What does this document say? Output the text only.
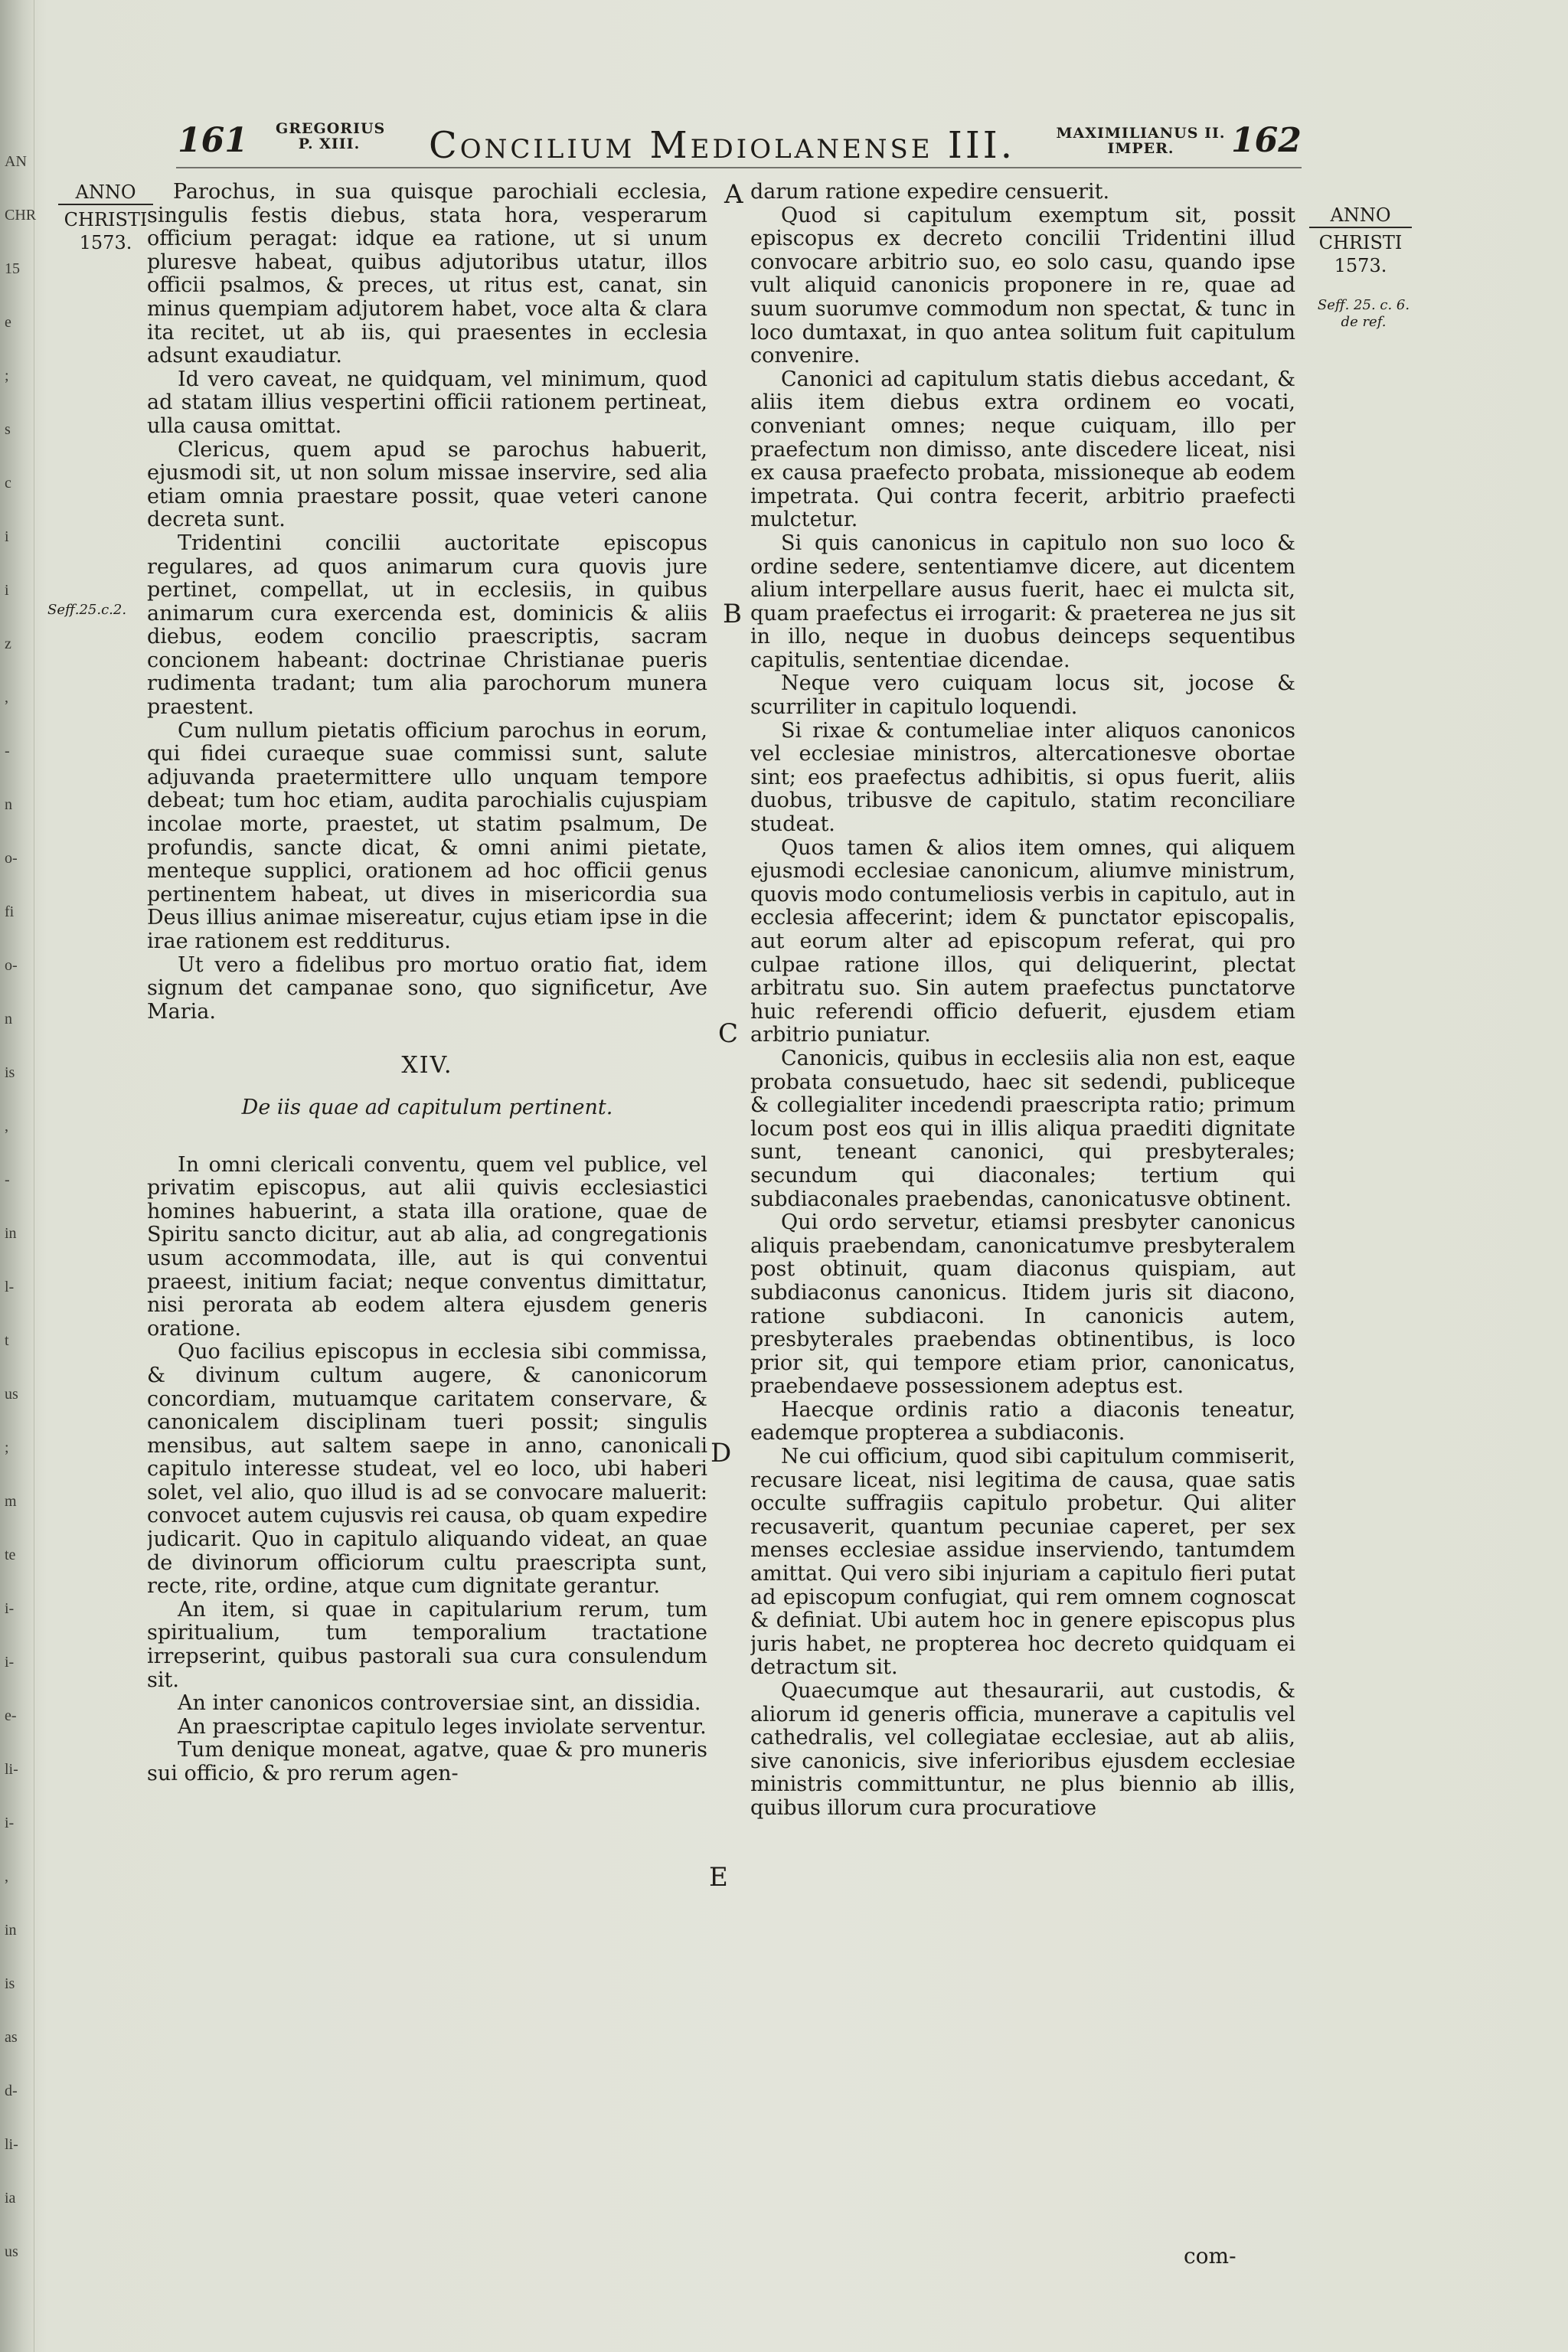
AN
CHR
15
e
;
s
c
i
i
z
,
-
n
o-
fi
o-
n
is
,
-
in
l-
t
us
;
m
te
i-
i-
e-
li-
i-
,
in
is
as
d-
li-
ia
us
161 GREGORIUS
P. XIII.	Concilium Mediolanense III.	MAXIMILIANUS II.
IMPER.	162
ANNO
CHRISTI
1573.
Seff.25.c.2.
ANNO
CHRISTI
1573.
Seff. 25. c. 6.
de ref.
A
B
C
D
E

Parochus, in sua quisque parochiali ecclesia, singulis festis diebus, stata hora, vesperarum officium peragat: idque ea ratione, ut si unum pluresve habeat, quibus adjutoribus utatur, illos officii psalmos, & preces, ut ritus est, canat, sin minus quempiam adjutorem habet, voce alta & clara ita recitet, ut ab iis, qui praesentes in ecclesia adsunt exaudiatur.

Id vero caveat, ne quidquam, vel minimum, quod ad statam illius vespertini officii rationem pertineat, ulla causa omittat.

Clericus, quem apud se parochus habuerit, ejusmodi sit, ut non solum missae inservire, sed alia etiam omnia praestare possit, quae veteri canone decreta sunt.

Tridentini concilii auctoritate episcopus regulares, ad quos animarum cura quovis jure pertinet, compellat, ut in ecclesiis, in quibus animarum cura exercenda est, dominicis & aliis diebus, eodem concilio praescriptis, sacram concionem habeant: doctrinae Christianae pueris rudimenta tradant; tum alia parochorum munera praestent.

Cum nullum pietatis officium parochus in eorum, qui fidei curaeque suae commissi sunt, salute adjuvanda praetermittere ullo unquam tempore debeat; tum hoc etiam, audita parochialis cujuspiam incolae morte, praestet, ut statim psalmum, De profundis, sancte dicat, & omni animi pietate, menteque supplici, orationem ad hoc officii genus pertinentem habeat, ut dives in misericordia sua Deus illius animae misereatur, cujus etiam ipse in die irae rationem est redditurus.

Ut vero a fidelibus pro mortuo oratio fiat, idem signum det campanae sono, quo significetur, Ave Maria.

XIV.
De iis quae ad capitulum pertinent.

In omni clericali conventu, quem vel publice, vel privatim episcopus, aut alii quivis ecclesiastici homines habuerint, a stata illa oratione, quae de Spiritu sancto dicitur, aut ab alia, ad congregationis usum accommodata, ille, aut is qui conventui praeest, initium faciat; neque conventus dimittatur, nisi perorata ab eodem altera ejusdem generis oratione.

Quo facilius episcopus in ecclesia sibi commissa, & divinum cultum augere, & canonicorum concordiam, mutuamque caritatem conservare, & canonicalem disciplinam tueri possit; singulis mensibus, aut saltem saepe in anno, canonicali capitulo interesse studeat, vel eo loco, ubi haberi solet, vel alio, quo illud is ad se convocare maluerit: convocet autem cujusvis rei causa, ob quam expedire judicarit. Quo in capitulo aliquando videat, an quae de divinorum officiorum cultu praescripta sunt, recte, rite, ordine, atque cum dignitate gerantur.

An item, si quae in capitularium rerum, tum spiritualium, tum temporalium tractatione irrepserint, quibus pastorali sua cura consulendum sit.

An inter canonicos controversiae sint, an dissidia.

An praescriptae capitulo leges inviolate serventur.

Tum denique moneat, agatve, quae & pro muneris sui officio, & pro rerum agen-

darum ratione expedire censuerit.

Quod si capitulum exemptum sit, possit episcopus ex decreto concilii Tridentini illud convocare arbitrio suo, eo solo casu, quando ipse vult aliquid canonicis proponere in re, quae ad suum suorumve commodum non spectat, & tunc in loco dumtaxat, in quo antea solitum fuit capitulum convenire.

Canonici ad capitulum statis diebus accedant, & aliis item diebus extra ordinem eo vocati, conveniant omnes; neque cuiquam, illo per praefectum non dimisso, ante discedere liceat, nisi ex causa praefecto probata, missioneque ab eodem impetrata. Qui contra fecerit, arbitrio praefecti mulctetur.

Si quis canonicus in capitulo non suo loco & ordine sedere, sententiamve dicere, aut dicentem alium interpellare ausus fuerit, haec ei mulcta sit, quam praefectus ei irrogarit: & praeterea ne jus sit in illo, neque in duobus deinceps sequentibus capitulis, sententiae dicendae.

Neque vero cuiquam locus sit, jocose & scurriliter in capitulo loquendi.

Si rixae & contumeliae inter aliquos canonicos vel ecclesiae ministros, altercationesve obortae sint; eos praefectus adhibitis, si opus fuerit, aliis duobus, tribusve de capitulo, statim reconciliare studeat.

Quos tamen & alios item omnes, qui aliquem ejusmodi ecclesiae canonicum, aliumve ministrum, quovis modo contumeliosis verbis in capitulo, aut in ecclesia affecerint; idem & punctator episcopalis, aut eorum alter ad episcopum referat, qui pro culpae ratione illos, qui deliquerint, plectat arbitratu suo. Sin autem praefectus punctatorve huic referendi officio defuerit, ejusdem etiam arbitrio puniatur.

Canonicis, quibus in ecclesiis alia non est, eaque probata consuetudo, haec sit sedendi, publiceque & collegialiter incedendi praescripta ratio; primum locum post eos qui in illis aliqua praediti dignitate sunt, teneant canonici, qui presbyterales; secundum qui diaconales; tertium qui subdiaconales praebendas, canonicatusve obtinent.

Qui ordo servetur, etiamsi presbyter canonicus aliquis praebendam, canonicatumve presbyteralem post obtinuit, quam diaconus quispiam, aut subdiaconus canonicus. Itidem juris sit diacono, ratione subdiaconi. In canonicis autem, presbyterales praebendas obtinentibus, is loco prior sit, qui tempore etiam prior, canonicatus, praebendaeve possessionem adeptus est.

Haecque ordinis ratio a diaconis teneatur, eademque propterea a subdiaconis.

Ne cui officium, quod sibi capitulum commiserit, recusare liceat, nisi legitima de causa, quae satis occulte suffragiis capitulo probetur. Qui aliter recusaverit, quantum pecuniae caperet, per sex menses ecclesiae assidue inserviendo, tantumdem amittat. Qui vero sibi injuriam a capitulo fieri putat ad episcopum confugiat, qui rem omnem cognoscat & definiat. Ubi autem hoc in genere episcopus plus juris habet, ne propterea hoc decreto quidquam ei detractum sit.

Quaecumque aut thesaurarii, aut custodis, & aliorum id generis officia, munerave a capitulis vel cathedralis, vel collegiatae ecclesiae, aut ab aliis, sive canonicis, sive inferioribus ejusdem ecclesiae ministris committuntur, ne plus biennio ab illis, quibus illorum cura procuratiove

com-
